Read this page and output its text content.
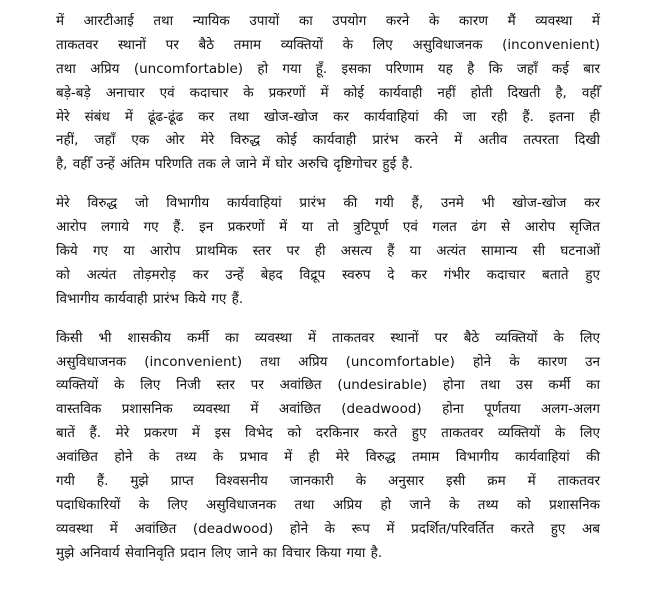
में आरटीआई तथा न्यायिक उपायों का उपयोग करने के कारण मैं व्यवस्था में
ताकतवर स्थानों पर बैठे तमाम व्यक्तियों के लिए असुविधाजनक (inconvenient)
तथा अप्रिय (uncomfortable) हो गया हूँ. इसका परिणाम यह है कि जहाँ कई बार
बड़े-बड़े अनाचार एवं कदाचार के प्रकरणों में कोई कार्यवाही नहीं होती दिखती है, वहीँ
मेरे संबंध में ढूंढ-ढूंढ कर तथा खोज-खोज कर कार्यवाहियां की जा रही हैं. इतना ही
नहीं, जहाँ एक ओर मेरे विरुद्ध कोई कार्यवाही प्रारंभ करने में अतीव तत्परता दिखी
है, वहीँ उन्हें अंतिम परिणति तक ले जाने में घोर अरुचि दृष्टिगोचर हुई है.
मेरे विरुद्ध जो विभागीय कार्यवाहियां प्रारंभ की गयी हैं, उनमे भी खोज-खोज कर
आरोप लगाये गए हैं. इन प्रकरणों में या तो त्रुटिपूर्ण एवं गलत ढंग से आरोप सृजित
किये गए या आरोप प्राथमिक स्तर पर ही असत्य हैं या अत्यंत सामान्य सी घटनाओं
को अत्यंत तोड़मरोड़ कर उन्हें बेहद विद्रूप स्वरुप दे कर गंभीर कदाचार बताते हुए
विभागीय कार्यवाही प्रारंभ किये गए हैं.
किसी भी शासकीय कर्मी का व्यवस्था में ताकतवर स्थानों पर बैठे व्यक्तियों के लिए
असुविधाजनक (inconvenient) तथा अप्रिय (uncomfortable) होने के कारण उन
व्यक्तियों के लिए निजी स्तर पर अवांछित (undesirable) होना तथा उस कर्मी का
वास्तविक प्रशासनिक व्यवस्था में अवांछित (deadwood) होना पूर्णतया अलग-अलग
बातें हैं. मेरे प्रकरण में इस विभेद को दरकिनार करते हुए ताकतवर व्यक्तियों के लिए
अवांछित होने के तथ्य के प्रभाव में ही मेरे विरुद्ध तमाम विभागीय कार्यवाहियां की
गयी हैं. मुझे प्राप्त विश्वसनीय जानकारी के अनुसार इसी क्रम में ताकतवर
पदाधिकारियों के लिए असुविधाजनक तथा अप्रिय हो जाने के तथ्य को प्रशासनिक
व्यवस्था में अवांछित (deadwood) होने के रूप में प्रदर्शित/परिवर्तित करते हुए अब
मुझे अनिवार्य सेवानिवृति प्रदान लिए जाने का विचार किया गया है.
